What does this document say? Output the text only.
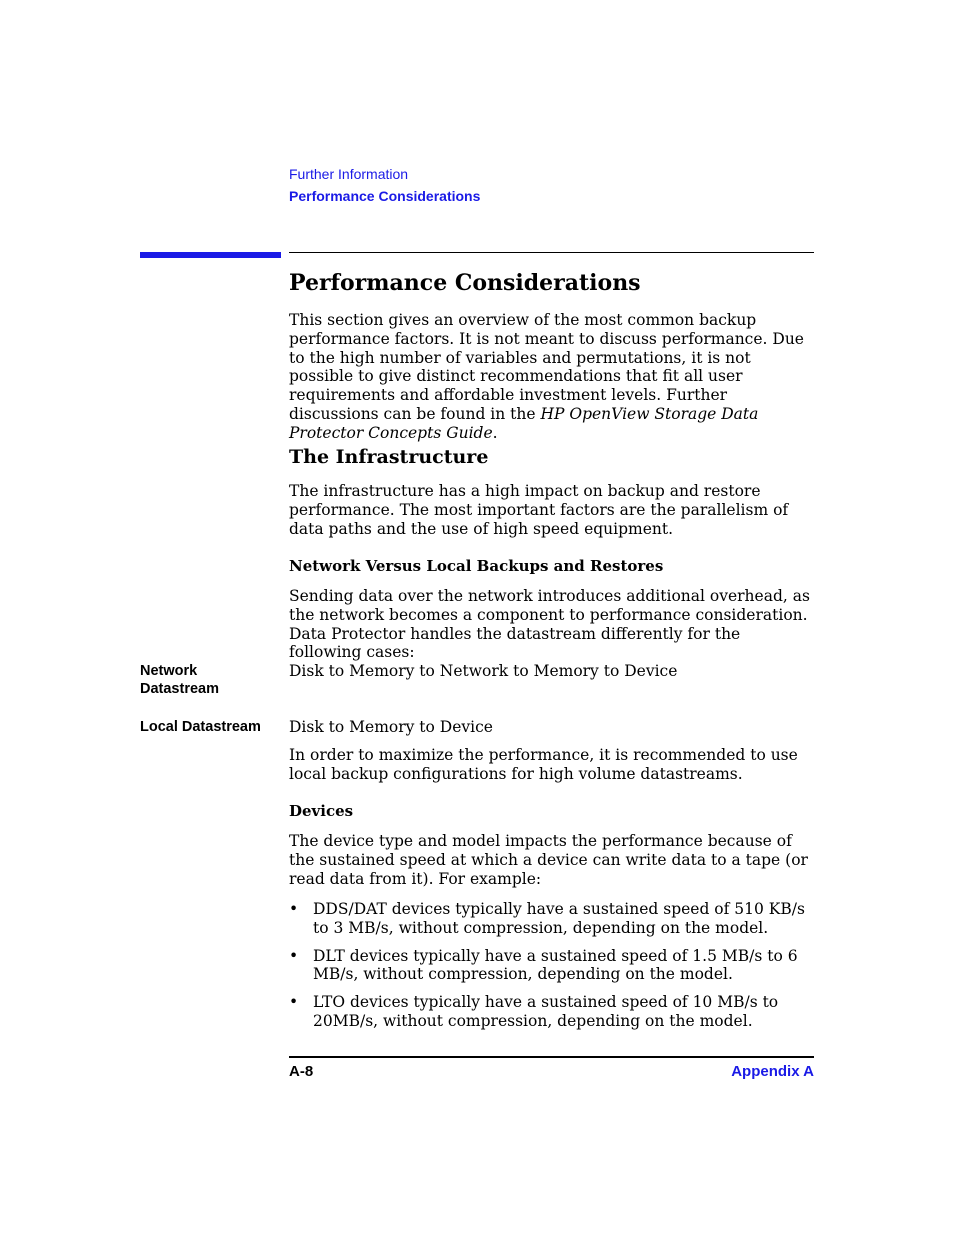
Further Information
Performance Considerations
Performance Considerations

This section gives an overview of the most common backup performance factors. It is not meant to discuss performance. Due to the high number of variables and permutations, it is not possible to give distinct recommendations that fit all user requirements and affordable investment levels. Further discussions can be found in the HP OpenView Storage Data Protector Concepts Guide.

The Infrastructure

The infrastructure has a high impact on backup and restore performance. The most important factors are the parallelism of data paths and the use of high speed equipment.

Network Versus Local Backups and Restores

Sending data over the network introduces additional overhead, as the network becomes a component to performance consideration. Data Protector handles the datastream differently for the following cases:

Network Datastream

Disk to Memory to Network to Memory to Device

Local Datastream	Disk to Memory to Device

In order to maximize the performance, it is recommended to use local backup configurations for high volume datastreams.

Devices

The device type and model impacts the performance because of the sustained speed at which a device can write data to a tape (or read data from it). For example:

• DDS/DAT devices typically have a sustained speed of 510 KB/s to 3 MB/s, without compression, depending on the model.
• DLT devices typically have a sustained speed of 1.5 MB/s to 6 MB/s, without compression, depending on the model.
• LTO devices typically have a sustained speed of 10 MB/s to 20MB/s, without compression, depending on the model.
A-8	Appendix A
